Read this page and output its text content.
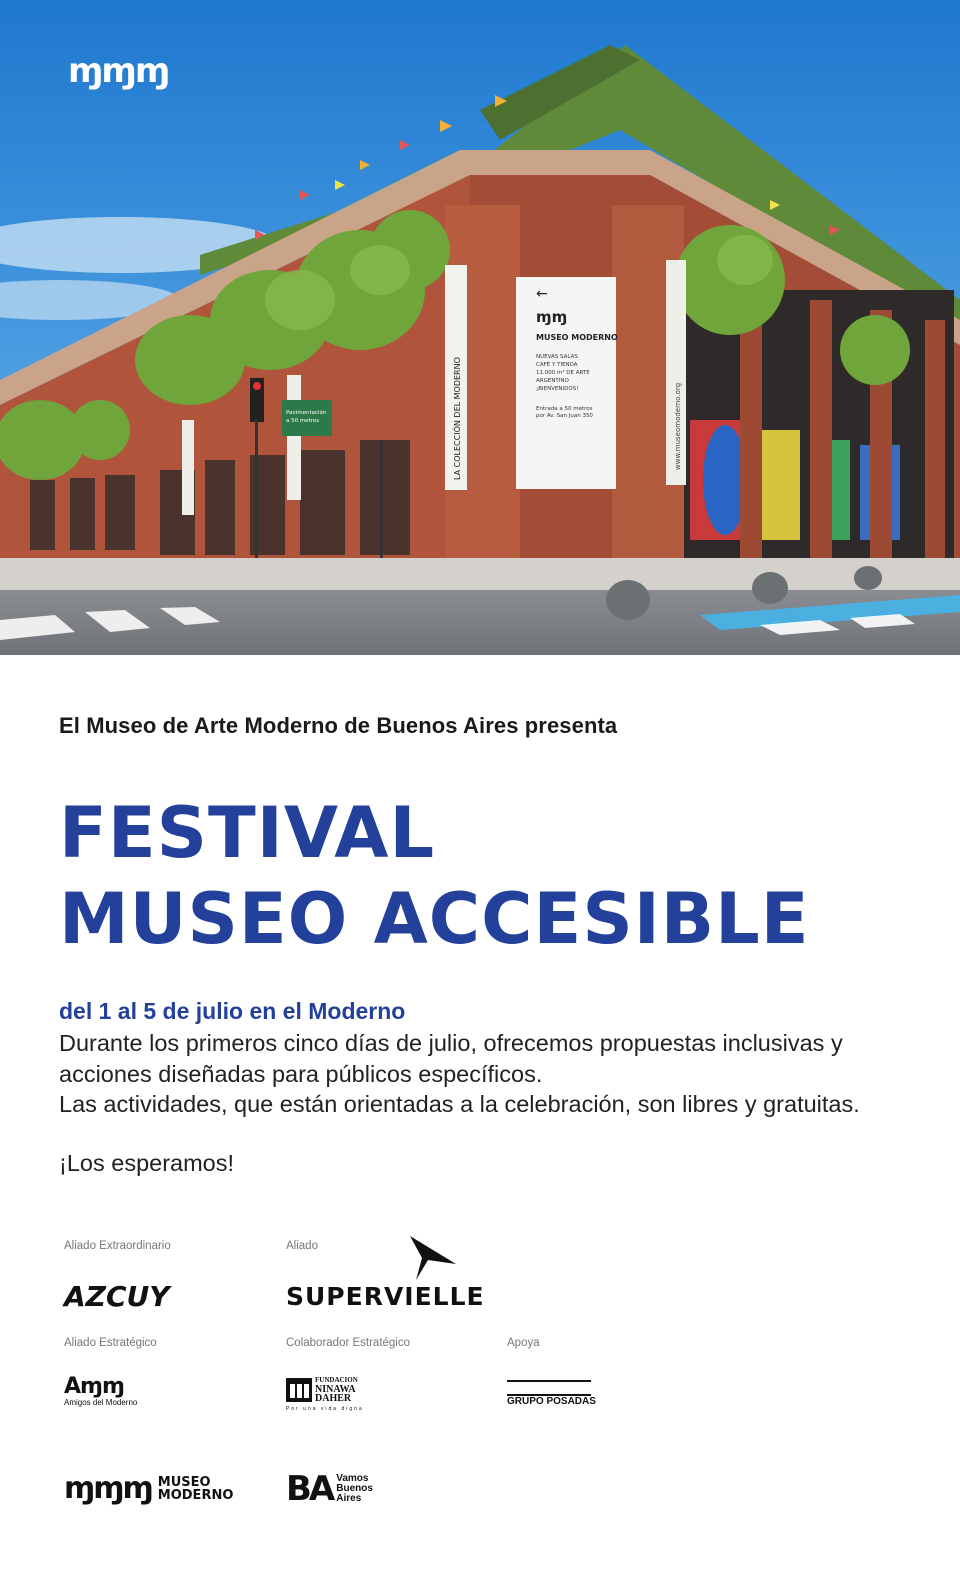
←
ɱɱ
MUSEO MODERNO
NUEVAS SALAS
CAFÉ Y TIENDA
11.000 m² DE ARTE
ARGENTINO
¡BIENVENIDOS!
Entrada a 50 metros
por Av. San Juan 350
LA COLECCIÓN DEL MODERNO	www.museomoderno.org
Pavimentación
a 50 metros
ɱɱɱ
El Museo de Arte Moderno de Buenos Aires presenta
FESTIVAL
MUSEO ACCESIBLE
del 1 al 5 de julio en el Moderno

Durante los primeros cinco días de julio, ofrecemos propuestas inclusivas y

acciones diseñadas para públicos específicos.

Las actividades, que están orientadas a la celebración, son libres y gratuitas.

¡Los esperamos!
Aliado Extraordinario
AZCUY
Aliado
SUPERVIELLE
Aliado Estratégico
Aɱɱ
Amigos del Moderno
Colaborador Estratégico
FUNDACION
NINAWA
DAHER
Por una vida digna
Apoya
GRUPO POSADAS
ɱɱɱ MUSEO
MODERNO BA Vamos
Buenos
Aires
